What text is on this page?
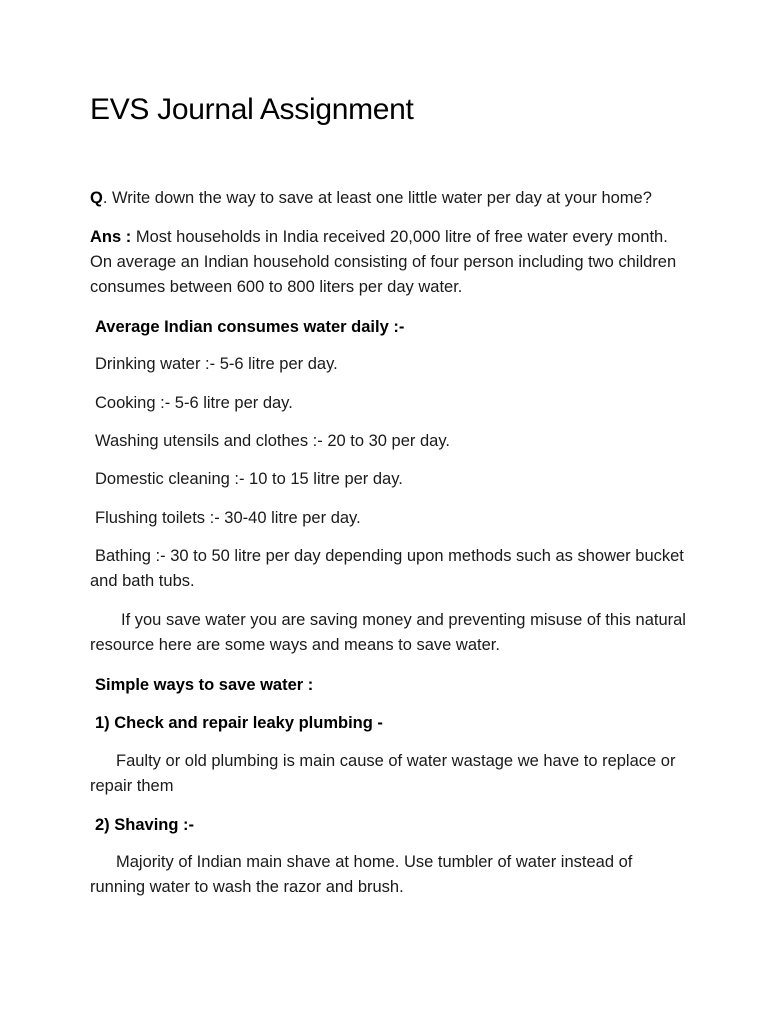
EVS Journal Assignment

Q. Write down the way to save at least one little water per day at your home?

Ans : Most households in India received 20,000 litre of free water every month. On average an Indian household consisting of four person including two children consumes between 600 to 800 liters per day water.

Average Indian consumes water daily :-

Drinking water :- 5-6 litre per day.

Cooking :- 5-6 litre per day.

Washing utensils and clothes :- 20 to 30 per day.

Domestic cleaning :- 10 to 15 litre per day.

Flushing toilets :- 30-40 litre per day.

Bathing :- 30 to 50 litre per day depending upon methods such as shower bucket and bath tubs.

If you save water you are saving money and preventing misuse of this natural resource here are some ways and means to save water.

Simple ways to save water :

1) Check and repair leaky plumbing -

Faulty or old plumbing is main cause of water wastage we have to replace or repair them

2) Shaving :-

Majority of Indian main shave at home. Use tumbler of water instead of running water to wash the razor and brush.
